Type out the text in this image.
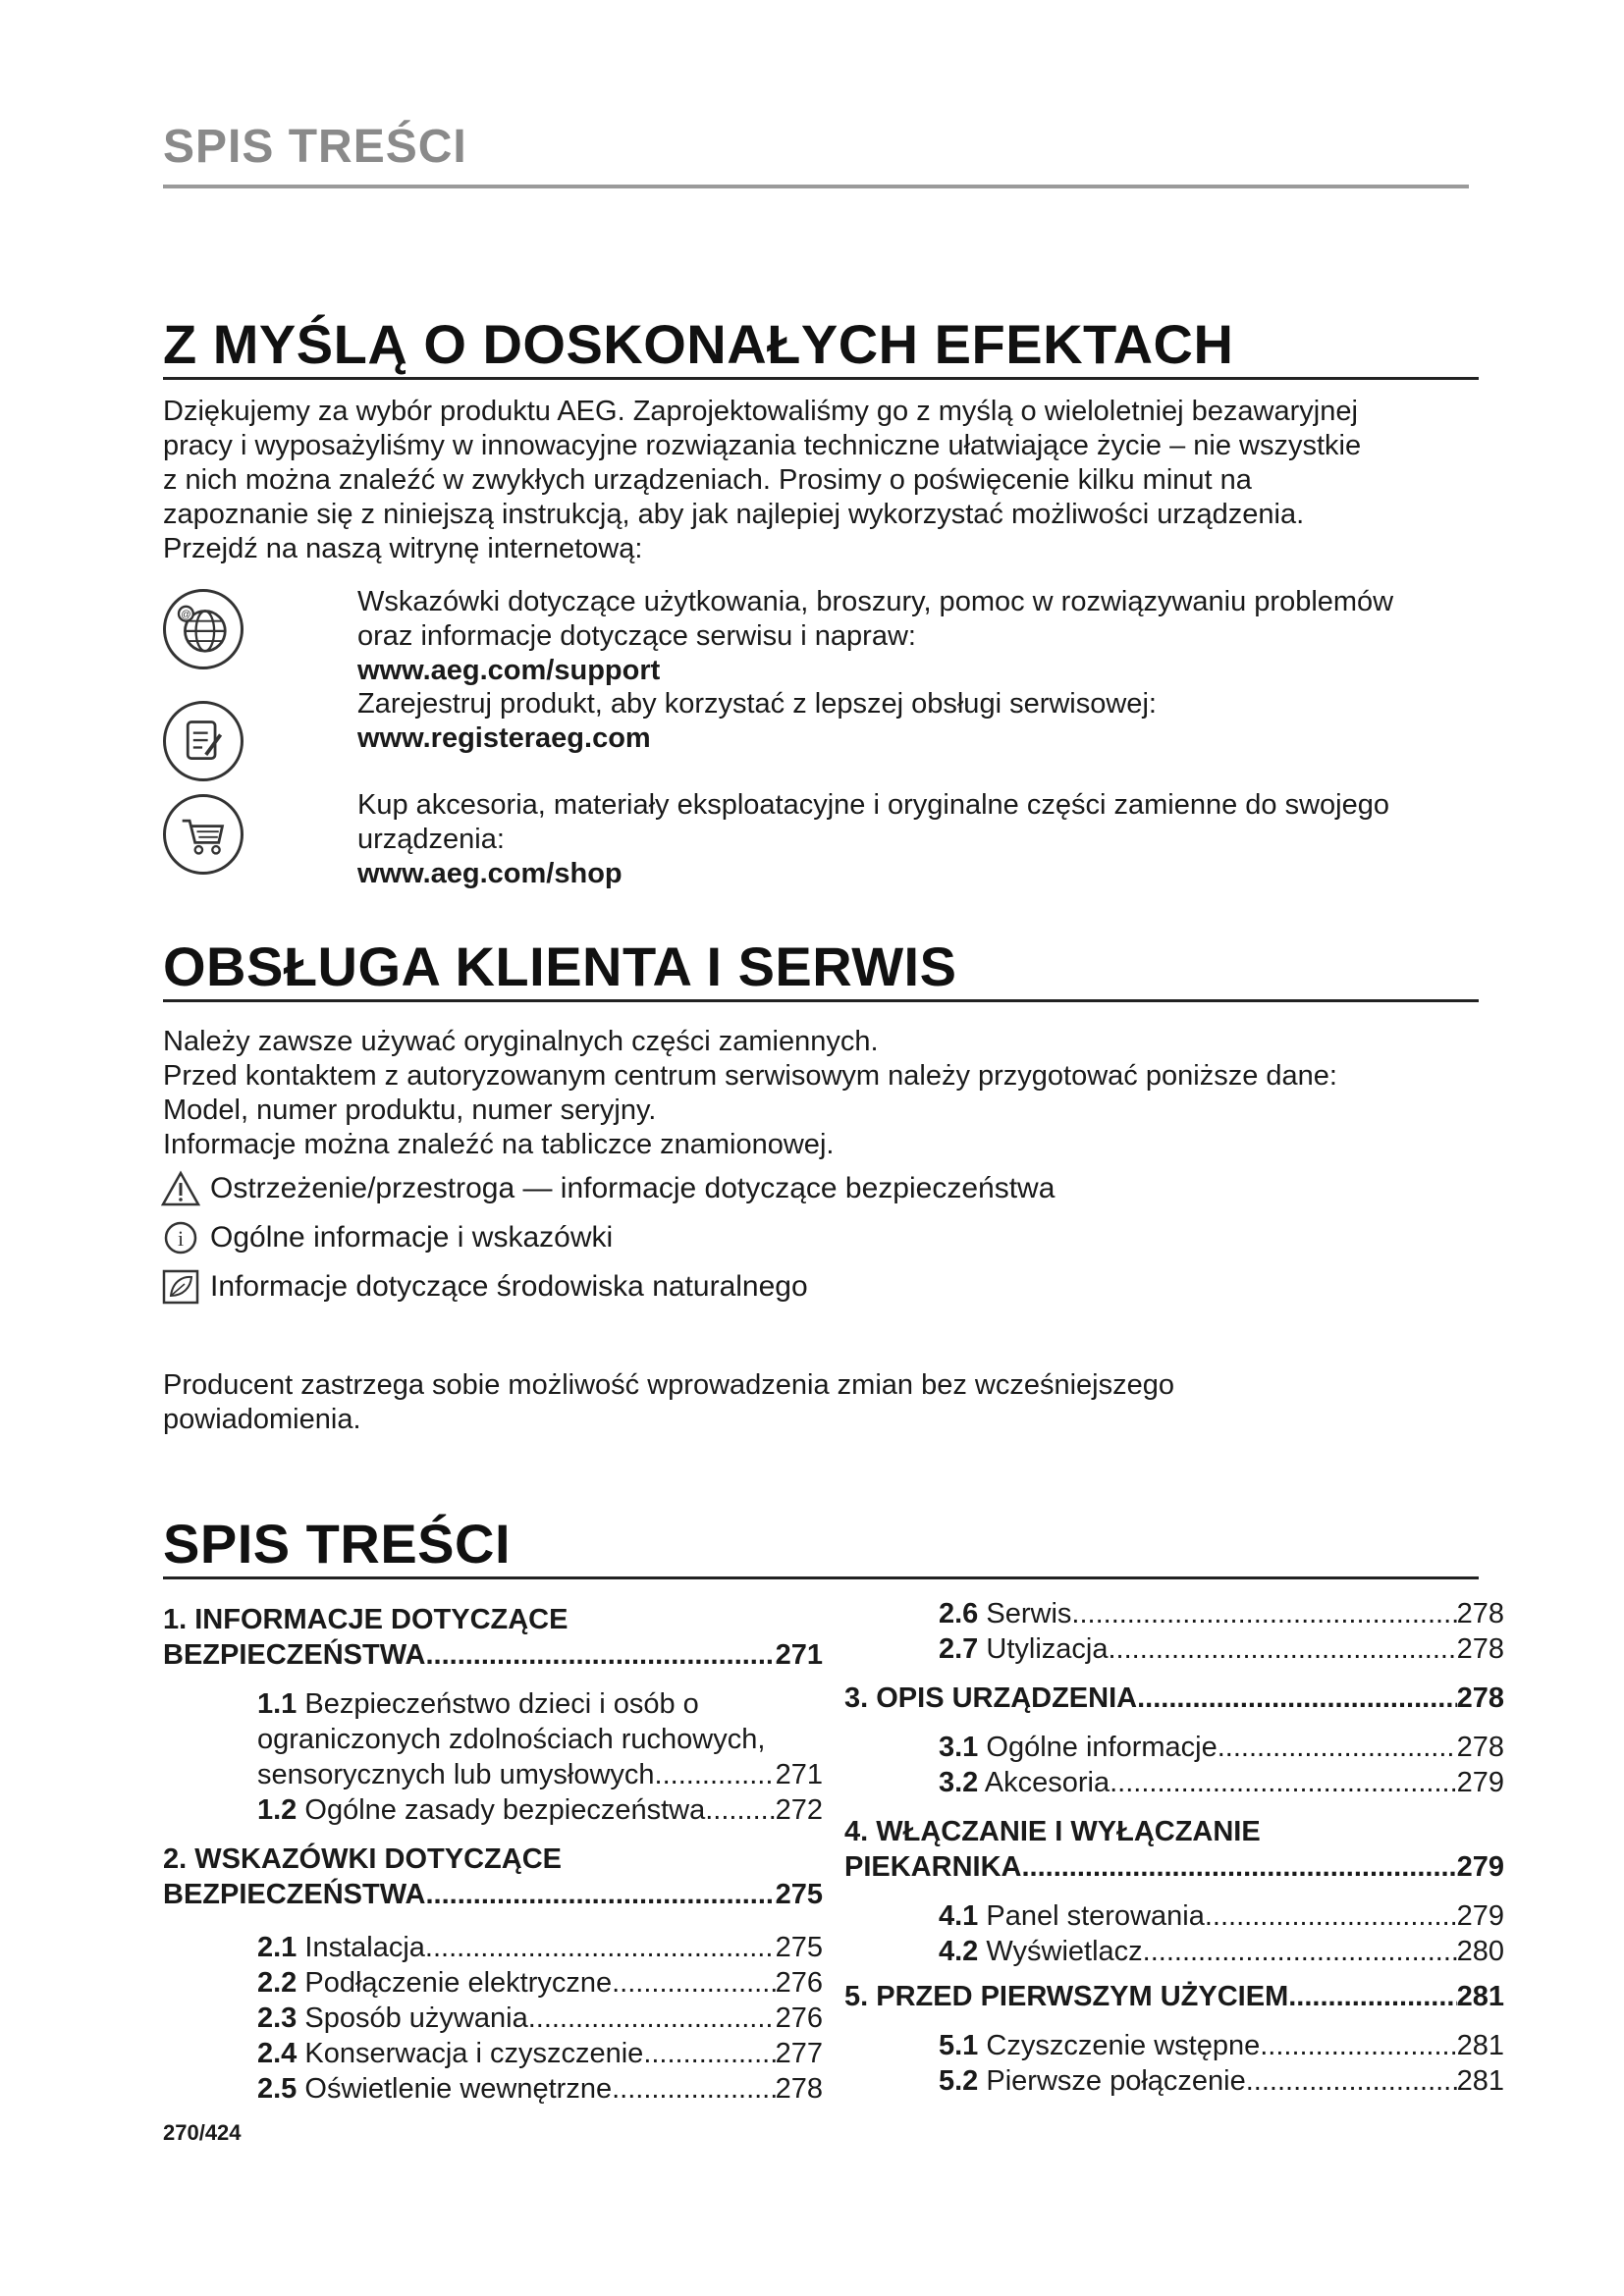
SPIS TREŚCI
Z MYŚLĄ O DOSKONAŁYCH EFEKTACH

Dziękujemy za wybór produktu AEG. Zaprojektowaliśmy go z myślą o wieloletniej bezawaryjnej

pracy i wyposażyliśmy w innowacyjne rozwiązania techniczne ułatwiające życie – nie wszystkie

z nich można znaleźć w zwykłych urządzeniach. Prosimy o poświęcenie kilku minut na

zapoznanie się z niniejszą instrukcją, aby jak najlepiej wykorzystać możliwości urządzenia.

Przejdź na naszą witrynę internetową:

@	Wskazówki dotyczące użytkowania, broszury, pomoc w rozwiązywaniu problemów
oraz informacje dotyczące serwisu i napraw:
www.aeg.com/support
Zarejestruj produkt, aby korzystać z lepszej obsługi serwisowej:
www.registeraeg.com
Kup akcesoria, materiały eksploatacyjne i oryginalne części zamienne do swojego
urządzenia:
www.aeg.com/shop
OBSŁUGA KLIENTA I SERWIS

Należy zawsze używać oryginalnych części zamiennych.

Przed kontaktem z autoryzowanym centrum serwisowym należy przygotować poniższe dane:

Model, numer produktu, numer seryjny.

Informacje można znaleźć na tabliczce znamionowej.

Ostrzeżenie/przestroga — informacje dotyczące bezpieczeństwa
i Ogólne informacje i wskazówki
Informacje dotyczące środowiska naturalnego

Producent zastrzega sobie możliwość wprowadzenia zmian bez wcześniejszego

powiadomienia.

SPIS TREŚCI
1. INFORMACJE DOTYCZĄCE
BEZPIECZEŃSTWA .....	271
1.1 Bezpieczeństwo dzieci i osób o
ograniczonych zdolnościach ruchowych,
sensorycznych lub umysłowych .....	271
1.2 Ogólne zasady bezpieczeństwa ..... 272
2. WSKAZÓWKI DOTYCZĄCE
BEZPIECZEŃSTWA .....	275
2.1 Instalacja .....	275
2.2 Podłączenie elektryczne .....	276
2.3 Sposób używania .....	276
2.4 Konserwacja i czyszczenie .....	277
2.5 Oświetlenie wewnętrzne .....	278
2.6 Serwis .....	278
2.7 Utylizacja .....	278
3. OPIS URZĄDZENIA .....	278
3.1 Ogólne informacje .....	278
3.2 Akcesoria .....	279
4. WŁĄCZANIE I WYŁĄCZANIE
PIEKARNIKA .....	279
4.1 Panel sterowania .....	279
4.2 Wyświetlacz .....	280
5. PRZED PIERWSZYM UŻYCIEM .....	281
5.1 Czyszczenie wstępne .....	281
5.2 Pierwsze połączenie .....	281
270/424
